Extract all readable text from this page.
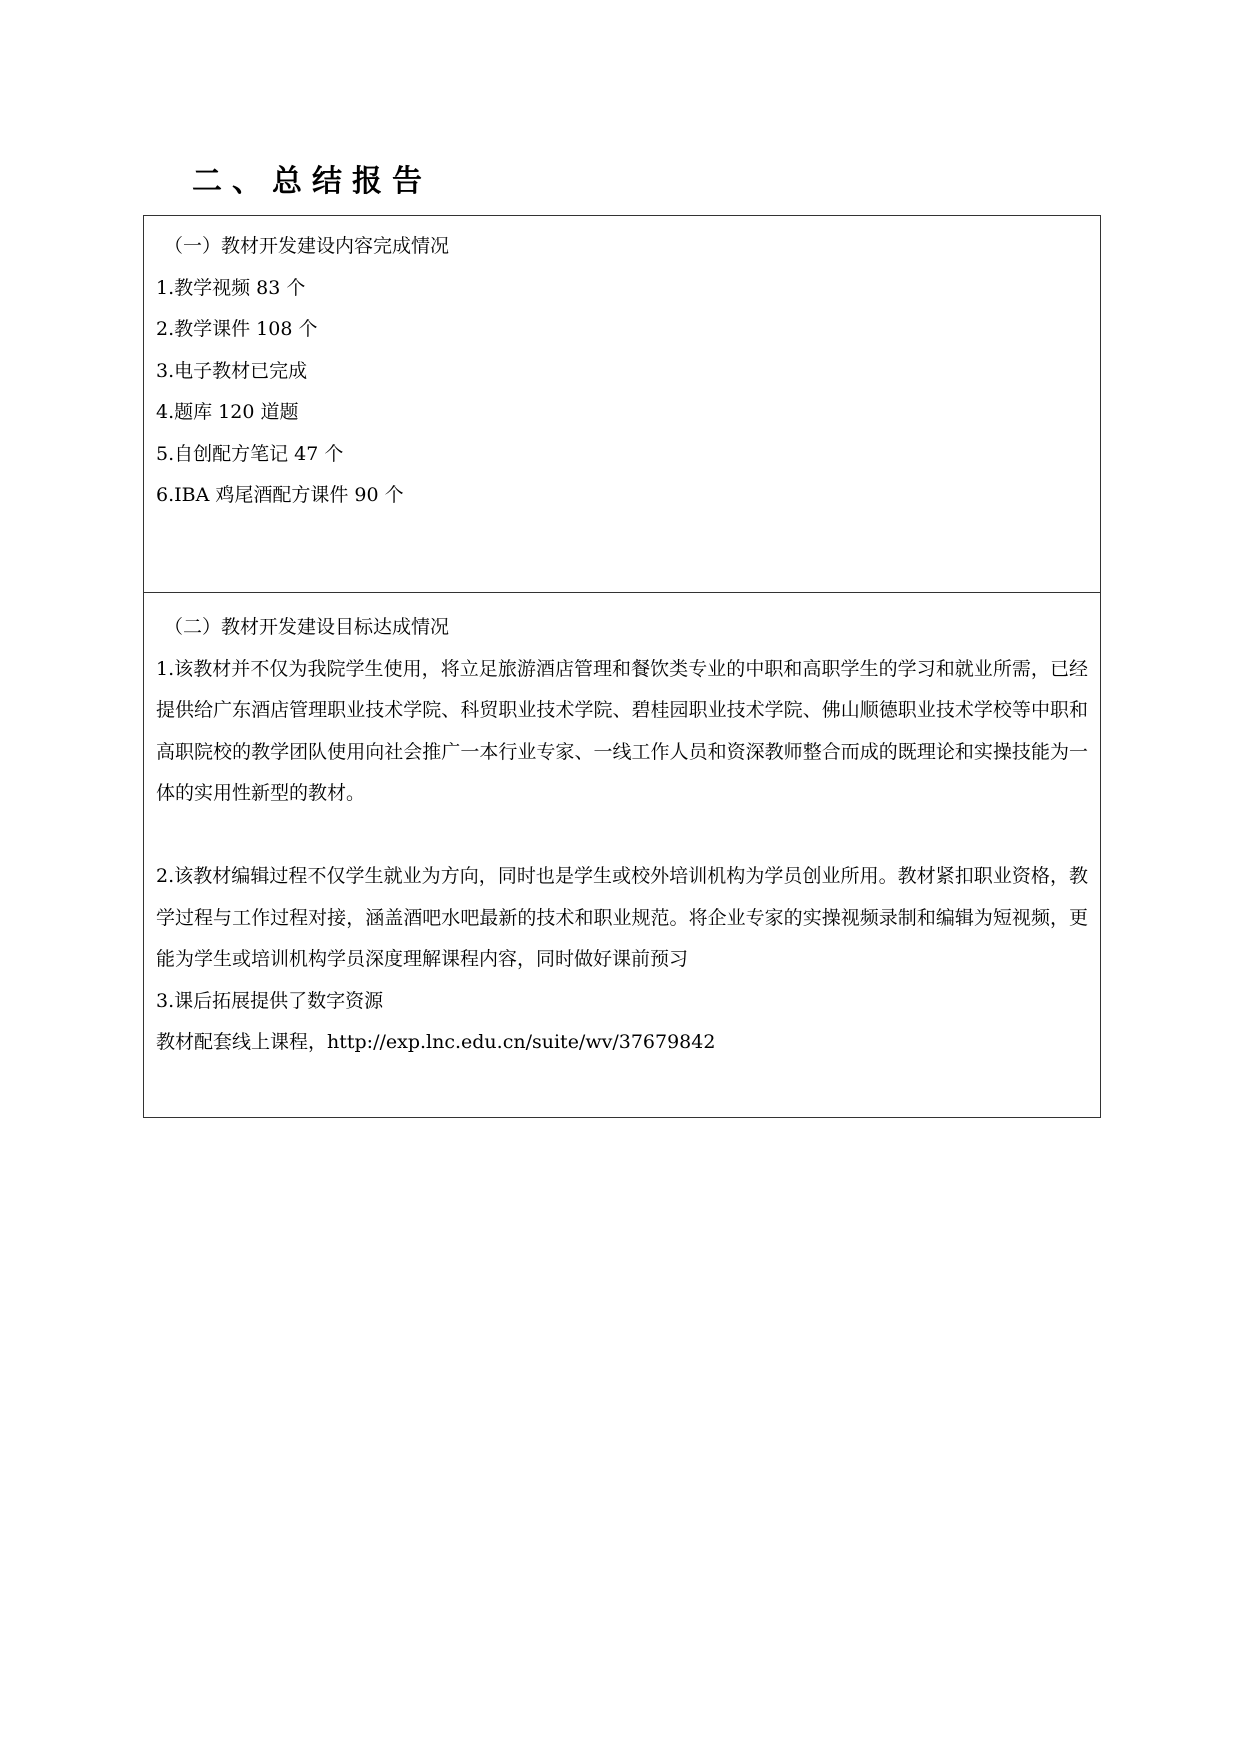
二、总结报告
（一）教材开发建设内容完成情况
1.教学视频 83 个
2.教学课件 108 个
3.电子教材已完成
4.题库 120 道题
5.自创配方笔记 47 个
6.IBA 鸡尾酒配方课件 90 个
（二）教材开发建设目标达成情况

1.该教材并不仅为我院学生使用，将立足旅游酒店管理和餐饮类专业的中职和高职学生的学习和就业所需，已经提供给广东酒店管理职业技术学院、科贸职业技术学院、碧桂园职业技术学院、佛山顺德职业技术学校等中职和高职院校的教学团队使用向社会推广一本行业专家、一线工作人员和资深教师整合而成的既理论和实操技能为一体的实用性新型的教材。

2.该教材编辑过程不仅学生就业为方向，同时也是学生或校外培训机构为学员创业所用。教材紧扣职业资格，教学过程与工作过程对接，涵盖酒吧水吧最新的技术和职业规范。将企业专家的实操视频录制和编辑为短视频，更能为学生或培训机构学员深度理解课程内容，同时做好课前预习

3.课后拓展提供了数字资源
教材配套线上课程，http://exp.lnc.edu.cn/suite/wv/37679842
